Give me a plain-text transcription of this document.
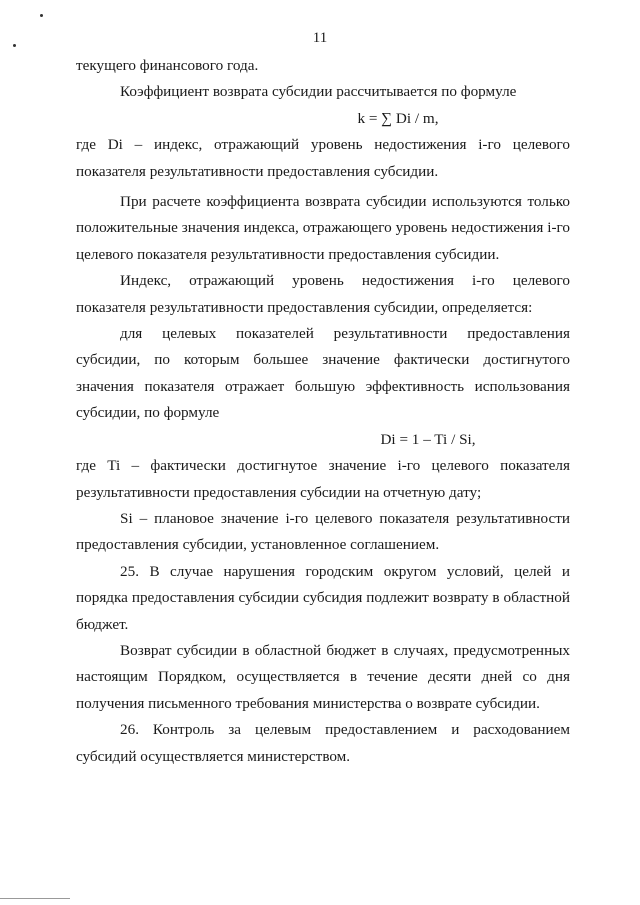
11

текущего финансового года.

Коэффициент возврата субсидии рассчитывается по формуле

k = ∑ Di / m,

где Di – индекс, отражающий уровень недостижения i-го целевого показателя результативности предоставления субсидии.

При расчете коэффициента возврата субсидии используются только положительные значения индекса, отражающего уровень недостижения i-го целевого показателя результативности предоставления субсидии.

Индекс, отражающий уровень недостижения i-го целевого показателя результативности предоставления субсидии, определяется:

для целевых показателей результативности предоставления субсидии, по которым большее значение фактически достигнутого значения показателя отражает большую эффективность использования субсидии, по формуле

Di = 1 – Ti / Si,

где Ti – фактически достигнутое значение i-го целевого показателя результативности предоставления субсидии на отчетную дату;

Si – плановое значение i-го целевого показателя результативности предоставления субсидии, установленное соглашением.

25. В случае нарушения городским округом условий, целей и порядка предоставления субсидии субсидия подлежит возврату в областной бюджет.

Возврат субсидии в областной бюджет в случаях, предусмотренных настоящим Порядком, осуществляется в течение десяти дней со дня получения письменного требования министерства о возврате субсидии.

26. Контроль за целевым предоставлением и расходованием субсидий осуществляется министерством.
